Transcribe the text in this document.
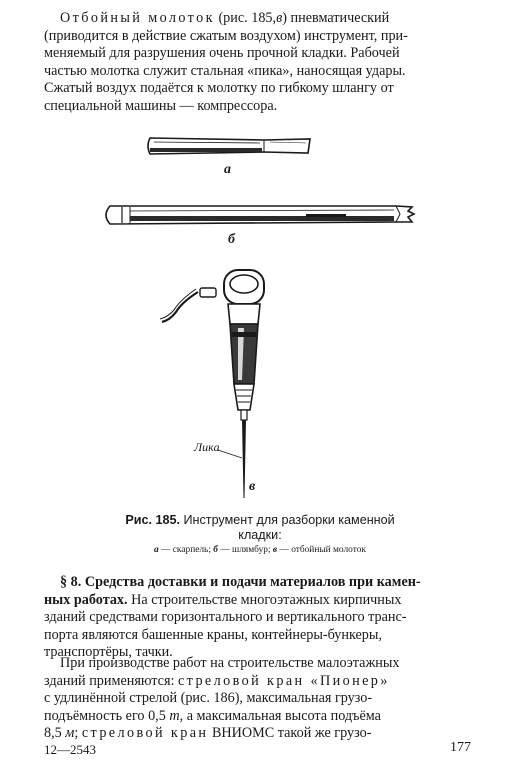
Отбойный молоток (рис. 185,в) пневматический
(приводится в действие сжатым воздухом) инструмент, при-
меняемый для разрушения очень прочной кладки. Рабочей
частью молотка служит стальная «пика», наносящая удары.
Сжатый воздух подаётся к молотку по гибкому шлангу от
специальной машины — компрессора.
а
б
Лика
в
Рис. 185. Инструмент для разборки каменной
кладки:
а — скарпель; б — шлямбур; в — отбойный молоток
§ 8. Средства доставки и подачи материалов при камен-
ных работах. На строительстве многоэтажных кирпичных
зданий средствами горизонтального и вертикального транс-
порта являются башенные краны, контейнеры-бункеры,
транспортёры, тачки.
При производстве работ на строительстве малоэтажных
зданий применяются: стреловой кран «Пионер»
с удлинённой стрелой (рис. 186), максимальная грузо-
подъёмность его 0,5 т, а максимальная высота подъёма
8,5 м; стреловой кран ВНИОМС такой же грузо-
12—2543	177
